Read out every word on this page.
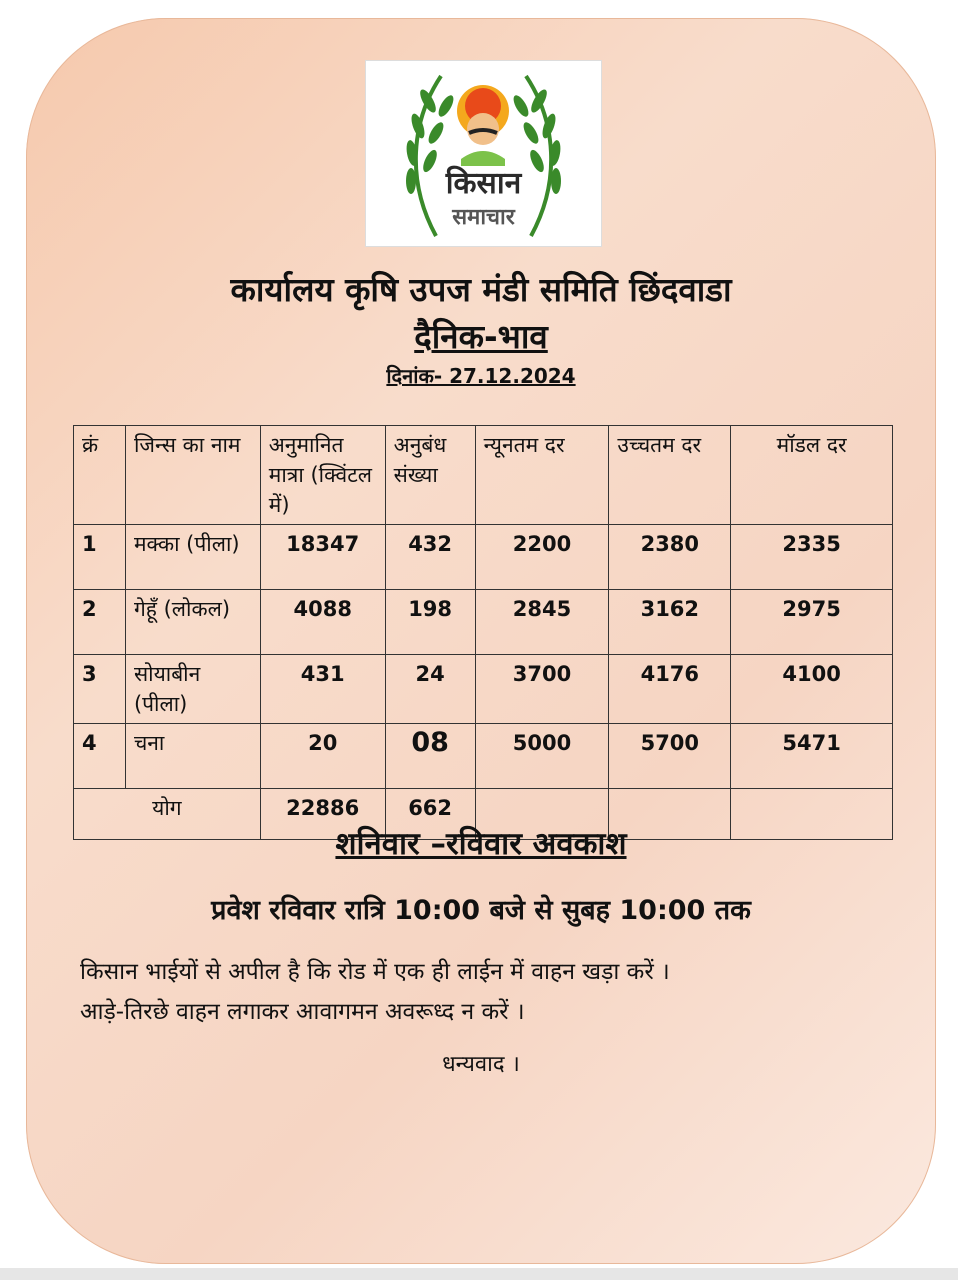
किसान
समाचार
कार्यालय कृषि उपज मंडी समिति छिंदवाडा
दैनिक-भाव
दिनांक- 27.12.2024
क्रं	जिन्स का नाम	अनुमानित मात्रा (क्विंटल में)	अनुबंध संख्या	न्यूनतम दर	उच्चतम दर	मॉडल दर
1	मक्का (पीला)	18347	432	2200	2380	2335
2	गेहूँ (लोकल)	4088	198	2845	3162	2975
3	सोयाबीन (पीला)	431	24	3700	4176	4100
4	चना	20	08	5000	5700	5471
योग		22886	662			
शनिवार –रविवार अवकाश
प्रवेश रविवार रात्रि 10:00 बजे से सुबह 10:00 तक
किसान भाईयों से अपील है कि रोड में एक ही लाईन में वाहन खड़ा करें ।
आड़े-तिरछे वाहन लगाकर आवागमन अवरूध्द न करें ।
धन्यवाद ।
